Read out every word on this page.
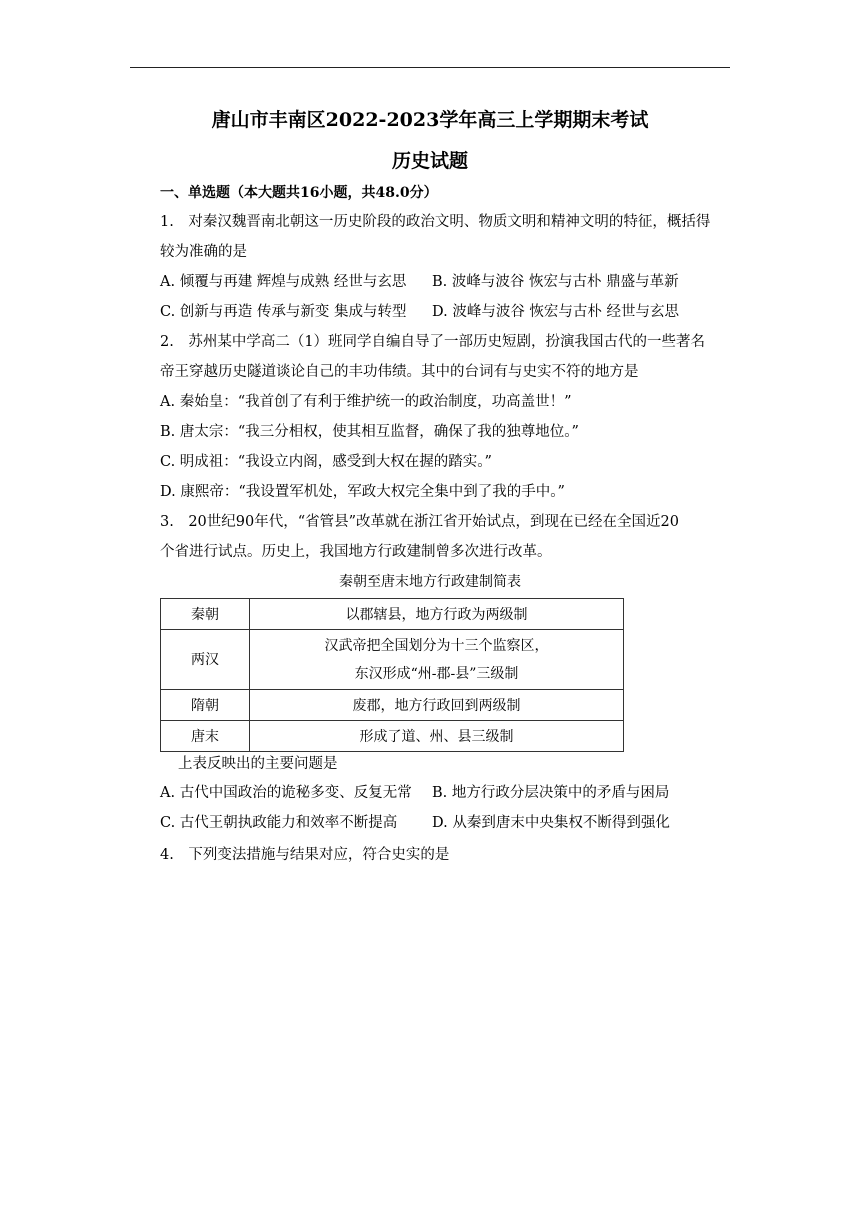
唐山市丰南区2022-2023学年高三上学期期末考试
历史试题
一、单选题（本大题共16小题，共48.0分）
1.　对秦汉魏晋南北朝这一历史阶段的政治文明、物质文明和精神文明的特征，概括得
较为准确的是
A. 倾覆与再建 辉煌与成熟 经世与玄思 B. 波峰与波谷 恢宏与古朴 鼎盛与革新
C. 创新与再造 传承与新变 集成与转型 D. 波峰与波谷 恢宏与古朴 经世与玄思
2.　苏州某中学高二（1）班同学自编自导了一部历史短剧，扮演我国古代的一些著名
帝王穿越历史隧道谈论自己的丰功伟绩。其中的台词有与史实不符的地方是
A. 秦始皇：“我首创了有利于维护统一的政治制度，功高盖世！”
B. 唐太宗：“我三分相权，使其相互监督，确保了我的独尊地位。”
C. 明成祖：“我设立内阁，感受到大权在握的踏实。”
D. 康熙帝：“我设置军机处，军政大权完全集中到了我的手中。”
3.　20世纪90年代，“省管县”改革就在浙江省开始试点，到现在已经在全国近20
个省进行试点。历史上，我国地方行政建制曾多次进行改革。
秦朝至唐末地方行政建制简表
秦朝	以郡辖县，地方行政为两级制
两汉	汉武帝把全国划分为十三个监察区，
东汉形成“州-郡-县”三级制

隋朝	废郡，地方行政回到两级制
唐末	形成了道、州、县三级制
上表反映出的主要问题是
A. 古代中国政治的诡秘多变、反复无常 B. 地方行政分层决策中的矛盾与困局
C. 古代王朝执政能力和效率不断提高 D. 从秦到唐末中央集权不断得到强化
4.　下列变法措施与结果对应，符合史实的是
